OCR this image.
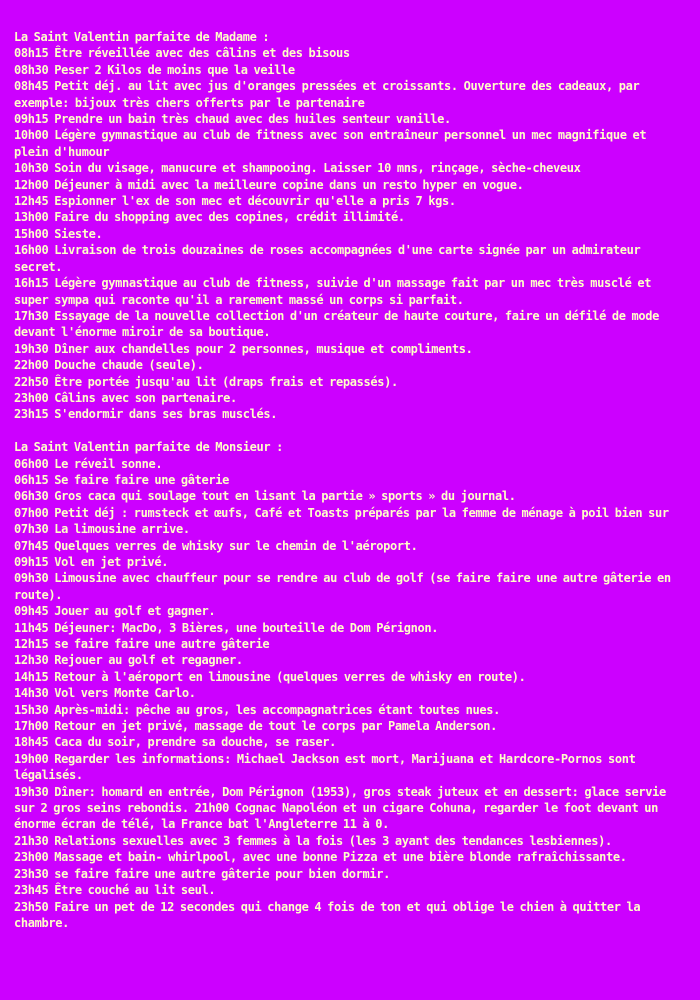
La Saint Valentin parfaite de Madame :
08h15 Être réveillée avec des câlins et des bisous
08h30 Peser 2 Kilos de moins que la veille
08h45 Petit déj. au lit avec jus d'oranges pressées et croissants. Ouverture des cadeaux, par exemple: bijoux très chers offerts par le partenaire
09h15 Prendre un bain très chaud avec des huiles senteur vanille.
10h00 Légère gymnastique au club de fitness avec son entraîneur personnel un mec magnifique et plein d'humour
10h30 Soin du visage, manucure et shampooing. Laisser 10 mns, rinçage, sèche-cheveux
12h00 Déjeuner à midi avec la meilleure copine dans un resto hyper en vogue.
12h45 Espionner l'ex de son mec et découvrir qu'elle a pris 7 kgs.
13h00 Faire du shopping avec des copines, crédit illimité.
15h00 Sieste.
16h00 Livraison de trois douzaines de roses accompagnées d'une carte signée par un admirateur secret.
16h15 Légère gymnastique au club de fitness, suivie d'un massage fait par un mec très musclé et super sympa qui raconte qu'il a rarement massé un corps si parfait.
17h30 Essayage de la nouvelle collection d'un créateur de haute couture, faire un défilé de mode devant l'énorme miroir de sa boutique.
19h30 Dîner aux chandelles pour 2 personnes, musique et compliments.
22h00 Douche chaude (seule).
22h50 Être portée jusqu'au lit (draps frais et repassés).
23h00 Câlins avec son partenaire.
23h15 S'endormir dans ses bras musclés.
La Saint Valentin parfaite de Monsieur :
06h00 Le réveil sonne.
06h15 Se faire faire une gâterie
06h30 Gros caca qui soulage tout en lisant la partie » sports » du journal.
07h00 Petit déj : rumsteck et œufs, Café et Toasts préparés par la femme de ménage à poil bien sur
07h30 La limousine arrive.
07h45 Quelques verres de whisky sur le chemin de l'aéroport.
09h15 Vol en jet privé.
09h30 Limousine avec chauffeur pour se rendre au club de golf (se faire faire une autre gâterie en route).
09h45 Jouer au golf et gagner.
11h45 Déjeuner: MacDo, 3 Bières, une bouteille de Dom Pérignon.
12h15 se faire faire une autre gâterie
12h30 Rejouer au golf et regagner.
14h15 Retour à l'aéroport en limousine (quelques verres de whisky en route).
14h30 Vol vers Monte Carlo.
15h30 Après-midi: pêche au gros, les accompagnatrices étant toutes nues.
17h00 Retour en jet privé, massage de tout le corps par Pamela Anderson.
18h45 Caca du soir, prendre sa douche, se raser.
19h00 Regarder les informations: Michael Jackson est mort, Marijuana et Hardcore-Pornos sont légalisés.
19h30 Dîner: homard en entrée, Dom Pérignon (1953), gros steak juteux et en dessert: glace servie
sur 2 gros seins rebondis. 21h00 Cognac Napoléon et un cigare Cohuna, regarder le foot devant un énorme écran de télé, la France bat l'Angleterre 11 à 0.
21h30 Relations sexuelles avec 3 femmes à la fois (les 3 ayant des tendances lesbiennes).
23h00 Massage et bain- whirlpool, avec une bonne Pizza et une bière blonde rafraîchissante.
23h30 se faire faire une autre gâterie pour bien dormir.
23h45 Être couché au lit seul.
23h50 Faire un pet de 12 secondes qui change 4 fois de ton et qui oblige le chien à quitter la chambre.
